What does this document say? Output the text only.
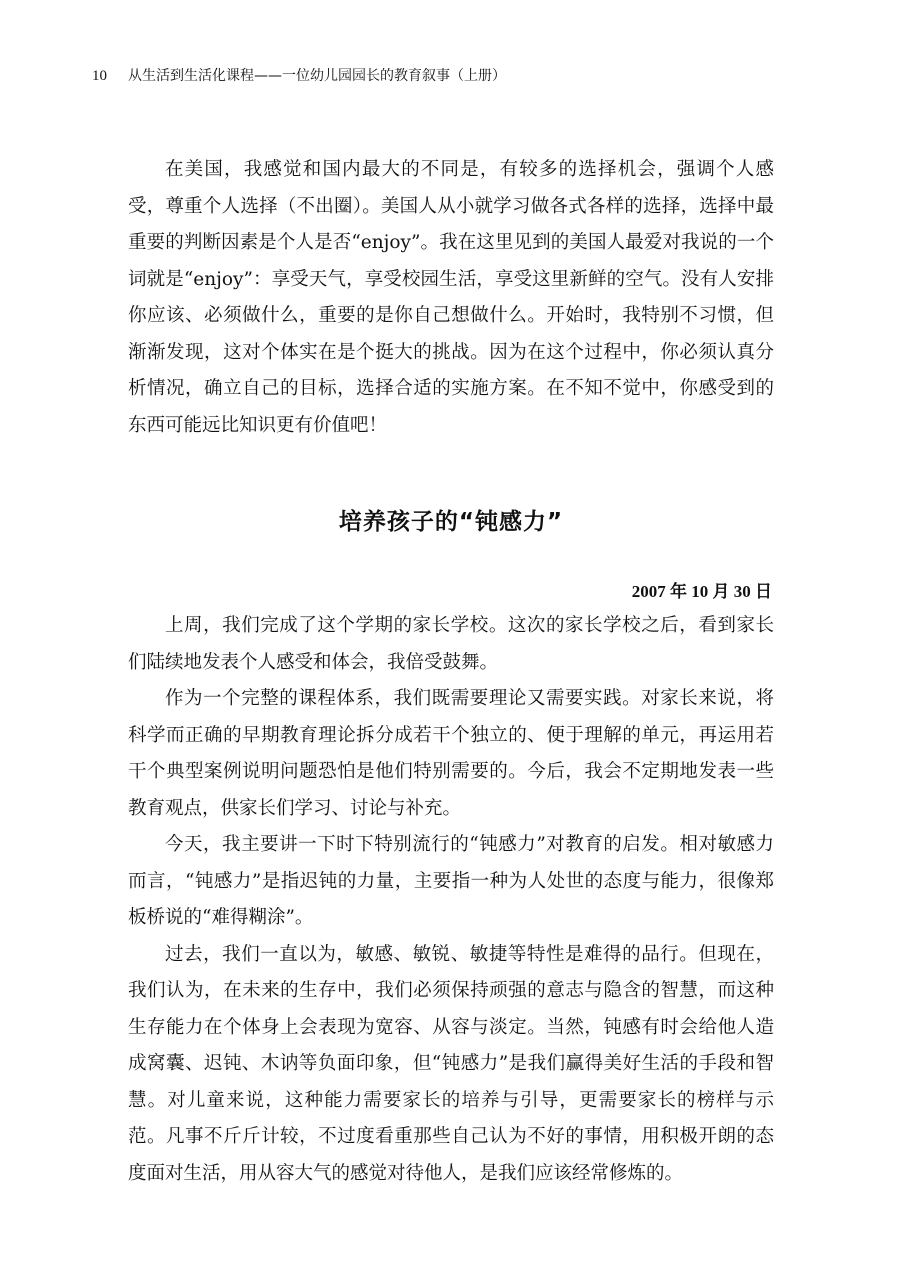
10 从生活到生活化课程——一位幼儿园园长的教育叙事（上册）

在美国，我感觉和国内最大的不同是，有较多的选择机会，强调个人感受，尊重个人选择（不出圈）。美国人从小就学习做各式各样的选择，选择中最重要的判断因素是个人是否“enjoy”。我在这里见到的美国人最爱对我说的一个词就是“enjoy”：享受天气，享受校园生活，享受这里新鲜的空气。没有人安排你应该、必须做什么，重要的是你自己想做什么。开始时，我特别不习惯，但渐渐发现，这对个体实在是个挺大的挑战。因为在这个过程中，你必须认真分析情况，确立自己的目标，选择合适的实施方案。在不知不觉中，你感受到的东西可能远比知识更有价值吧！

培养孩子的“钝感力”
2007 年 10 月 30 日

上周，我们完成了这个学期的家长学校。这次的家长学校之后，看到家长们陆续地发表个人感受和体会，我倍受鼓舞。

作为一个完整的课程体系，我们既需要理论又需要实践。对家长来说，将科学而正确的早期教育理论拆分成若干个独立的、便于理解的单元，再运用若干个典型案例说明问题恐怕是他们特别需要的。今后，我会不定期地发表一些教育观点，供家长们学习、讨论与补充。

今天，我主要讲一下时下特别流行的“钝感力”对教育的启发。相对敏感力而言，“钝感力”是指迟钝的力量，主要指一种为人处世的态度与能力，很像郑板桥说的“难得糊涂”。

过去，我们一直以为，敏感、敏锐、敏捷等特性是难得的品行。但现在，我们认为，在未来的生存中，我们必须保持顽强的意志与隐含的智慧，而这种生存能力在个体身上会表现为宽容、从容与淡定。当然，钝感有时会给他人造成窝囊、迟钝、木讷等负面印象，但“钝感力”是我们赢得美好生活的手段和智慧。对儿童来说，这种能力需要家长的培养与引导，更需要家长的榜样与示范。凡事不斤斤计较，不过度看重那些自己认为不好的事情，用积极开朗的态度面对生活，用从容大气的感觉对待他人，是我们应该经常修炼的。
